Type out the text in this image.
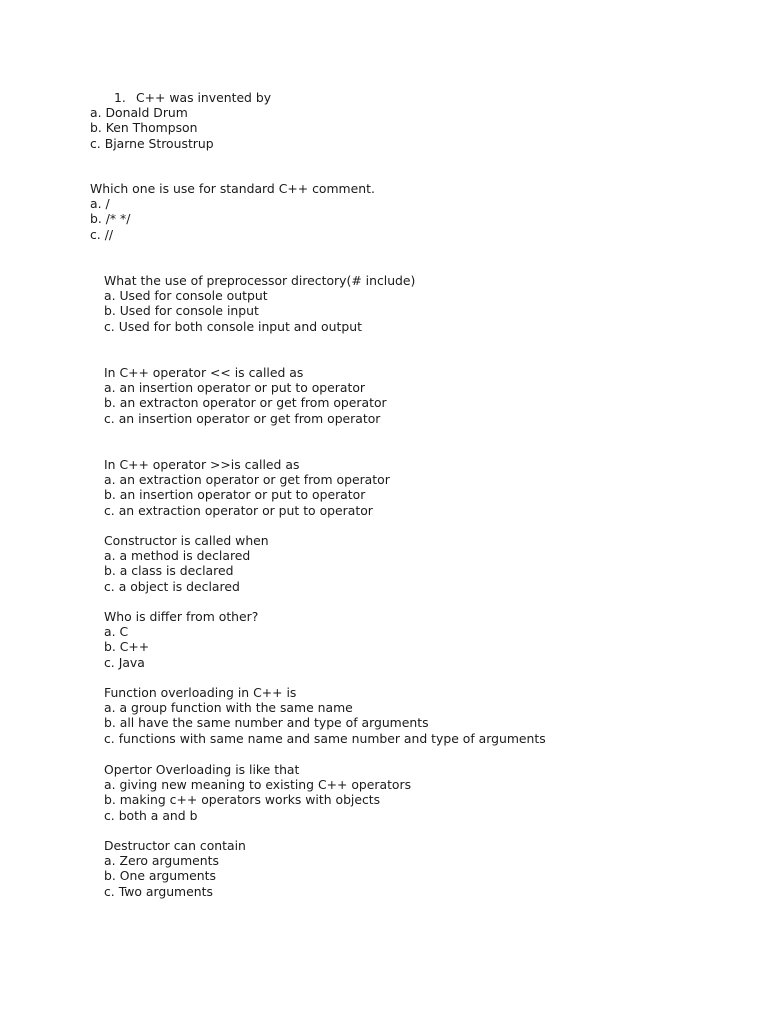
1. C++ was invented by
a. Donald Drum
b. Ken Thompson
c. Bjarne Stroustrup
Which one is use for standard C++ comment.
a. /
b. /* */
c. //
What the use of preprocessor directory(# include)
a. Used for console output
b. Used for console input
c. Used for both console input and output
In C++ operator << is called as
a. an insertion operator or put to operator
b. an extracton operator or get from operator
c. an insertion operator or get from operator
In C++ operator >>is called as
a. an extraction operator or get from operator
b. an insertion operator or put to operator
c. an extraction operator or put to operator
Constructor is called when
a. a method is declared
b. a class is declared
c. a object is declared
Who is differ from other?
a. C
b. C++
c. Java
Function overloading in C++ is
a. a group function with the same name
b. all have the same number and type of arguments
c. functions with same name and same number and type of arguments
Opertor Overloading is like that
a. giving new meaning to existing C++ operators
b. making c++ operators works with objects
c. both a and b
Destructor can contain
a. Zero arguments
b. One arguments
c. Two arguments
